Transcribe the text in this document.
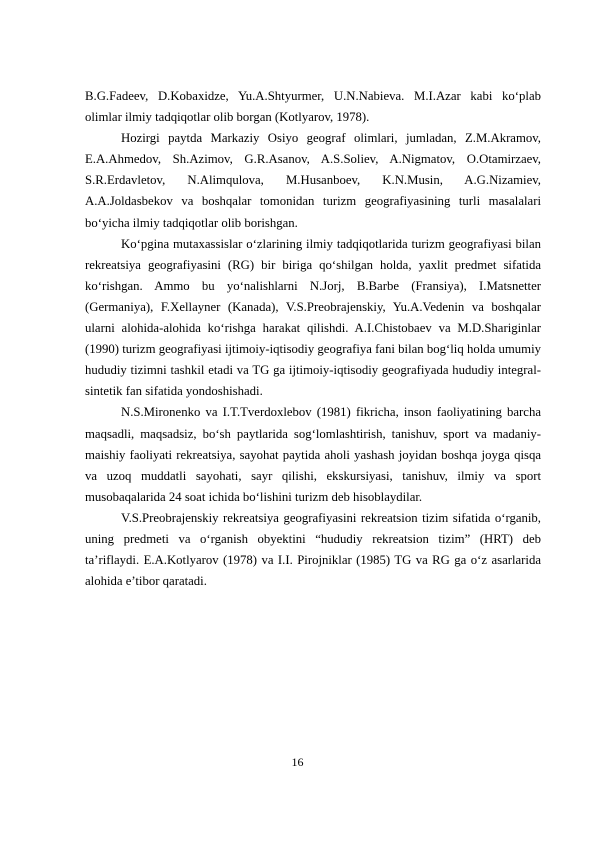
B.G.Fadeev, D.Kobaxidze, Yu.A.Shtyurmer, U.N.Nabieva. M.I.Azar kabi ko‘plab olimlar ilmiy tadqiqotlar olib borgan (Kotlyarov, 1978).

Hozirgi paytda Markaziy Osiyo geograf olimlari, jumladan, Z.M.Akramov, E.A.Ahmedov, Sh.Azimov, G.R.Asanov, A.S.Soliev, A.Nigmatov, O.Otamirzaev, S.R.Erdavletov, N.Alimqulova, M.Husanboev, K.N.Musin, A.G.Nizamiev, A.A.Joldasbekov va boshqalar tomonidan turizm geografiyasining turli masalalari bo‘yicha ilmiy tadqiqotlar olib borishgan.

Ko‘pgina mutaxassislar o‘zlarining ilmiy tadqiqotlarida turizm geografiyasi bilan rekreatsiya geografiyasini (RG) bir biriga qo‘shilgan holda, yaxlit predmet sifatida ko‘rishgan. Ammo bu yo‘nalishlarni N.Jorj, B.Barbe (Fransiya), I.Matsnetter (Germaniya), F.Xellayner (Kanada), V.S.Preobrajenskiy, Yu.A.Vedenin va boshqalar ularni alohida-alohida ko‘rishga harakat qilishdi. A.I.Chistobaev va M.D.Shariginlar (1990) turizm geografiyasi ijtimoiy-iqtisodiy geografiya fani bilan bog‘liq holda umumiy hududiy tizimni tashkil etadi va TG ga ijtimoiy-iqtisodiy geografiyada hududiy integral-sintetik fan sifatida yondoshishadi.

N.S.Mironenko va I.T.Tverdoxlebov (1981) fikricha, inson faoliyatining barcha maqsadli, maqsadsiz, bo‘sh paytlarida sog‘lomlashtirish, tanishuv, sport va madaniy- maishiy faoliyati rekreatsiya, sayohat paytida aholi yashash joyidan boshqa joyga qisqa va uzoq muddatli sayohati, sayr qilishi, ekskursiyasi, tanishuv, ilmiy va sport musobaqalarida 24 soat ichida bo‘lishini turizm deb hisoblaydilar.

V.S.Preobrajenskiy rekreatsiya geografiyasini rekreatsion tizim sifatida o‘rganib, uning predmeti va o‘rganish obyektini “hududiy rekreatsion tizim” (HRT) deb ta’riflaydi. E.A.Kotlyarov (1978) va I.I. Pirojniklar (1985) TG va RG ga o‘z asarlarida alohida e’tibor qaratadi.

16
